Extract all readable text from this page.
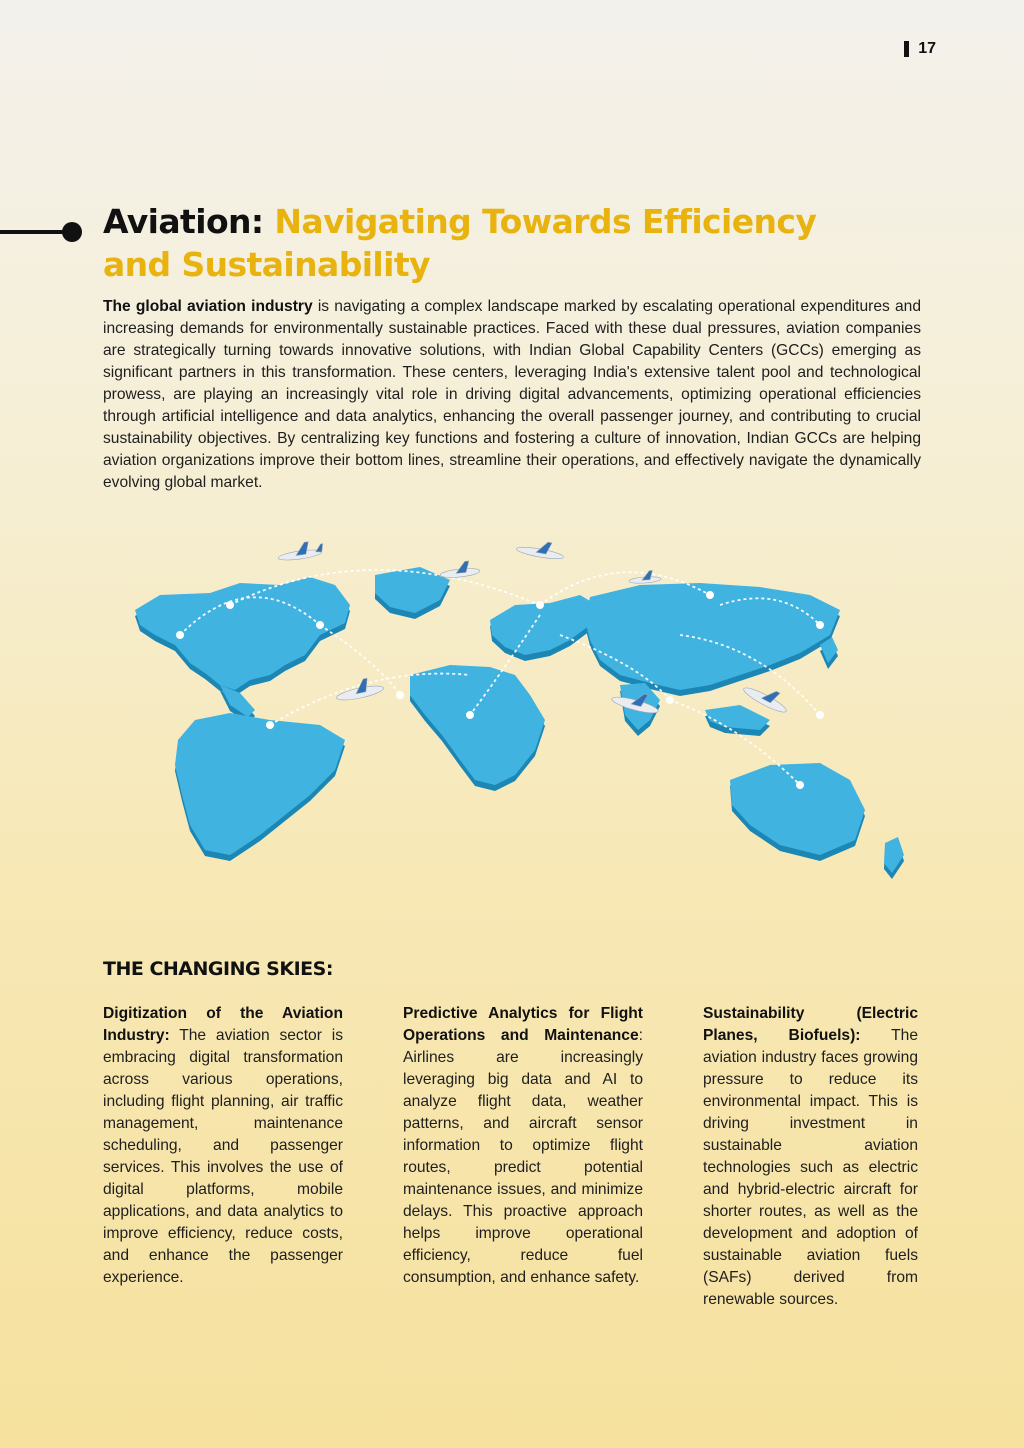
17
Aviation: Navigating Towards Efficiency and Sustainability

The global aviation industry is navigating a complex landscape marked by escalating operational expenditures and increasing demands for environmentally sustainable practices. Faced with these dual pressures, aviation companies are strategically turning towards innovative solutions, with Indian Global Capability Centers (GCCs) emerging as significant partners in this transformation. These centers, leveraging India's extensive talent pool and technological prowess, are playing an increasingly vital role in driving digital advancements, optimizing operational efficiencies through artificial intelligence and data analytics, enhancing the overall passenger journey, and contributing to crucial sustainability objectives. By centralizing key functions and fostering a culture of innovation, Indian GCCs are helping aviation organizations improve their bottom lines, streamline their operations, and effectively navigate the dynamically evolving global market.

THE CHANGING SKIES:

Digitization of the Aviation Industry: The aviation sector is embracing digital transformation across various operations, including flight planning, air traffic management, maintenance scheduling, and passenger services. This involves the use of digital platforms, mobile applications, and data analytics to improve efficiency, reduce costs, and enhance the passenger experience.

Predictive Analytics for Flight Operations and Maintenance: Airlines are increasingly leveraging big data and AI to analyze flight data, weather patterns, and aircraft sensor information to optimize flight routes, predict potential maintenance issues, and minimize delays. This proactive approach helps improve operational efficiency, reduce fuel consumption, and enhance safety.

Sustainability (Electric Planes, Biofuels): The aviation industry faces growing pressure to reduce its environmental impact. This is driving investment in sustainable aviation technologies such as electric and hybrid-electric aircraft for shorter routes, as well as the development and adoption of sustainable aviation fuels (SAFs) derived from renewable sources.
